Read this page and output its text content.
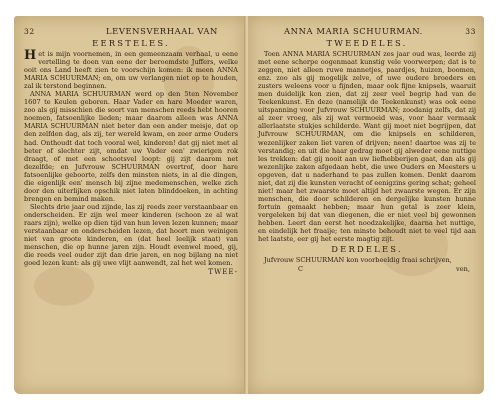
32	LEVENSVERHAAL VAN
EERSTELES.

Het is mijn voornemen, in een gemeenzaam verhaal, u eene vertelling te doen van eene der beroemdste Juffers, welke ooit ons Land heeft zien te voorschijn komen: ik meen ANNA MARIA SCHUURMAN; en, om uw verlangen niet op te houden, zal ik terstond beginnen.

ANNA MARIA SCHUURMAN werd op den 5ten November 1607 te Keulen geboren. Haar Vader en hare Moeder waren, zoo als gij misschien die soort van menschen reeds hebt hooren noemen, fatsoenlijke lieden; maar daarom alleen was ANNA MARIA SCHUURMAN niet beter dan een ander meisje, dat op den zelfden dag, als zij, ter wereld kwam, en zeer arme Ouders had. Onthoudt dat toch vooral wel, kinderen! dat gij niet met al beter of slechter zijt, omdat uw Vader een' zwierigen rok draagt, of met een schootsvel loopt: gij zijt daarom net dezelfde; en Jufvrouw SCHUURMAN overtrof, door hare fatsoenlijke geboorte, zelfs den minsten niets, in al die dingen, die eigenlijk een' mensch bij zijne medemenschen, welke zich door den uiterlijken opschik niet laten blinddoeken, in achting brengen en bemind maken.

Slechts drie jaar oud zijnde, las zij reeds zeer verstaanbaar en onderscheiden. Er zijn wel meer kinderen (schoon ze al wat raars zijn), welke op dien tijd van hun leven lezen kunnen; maar verstaanbaar en onderscheiden lezen, dat hoort men weinigen niet van groote kinderen, en (dat heel leelijk staat) van menschen, die op hunne jaren zijn. Houdt evenwel moed, gij, die reeds veel ouder zijt dan drie jaren, en nog bijlang na niet goed lezen kunt: als gij uwe vlijt aanwendt, zal het wel komen.

TWEE-
ANNA MARIA SCHUURMAN.	33
TWEEDELES.

Toen ANNA MARIA SCHUURMAN zes jaar oud was, leerde zij met eene scherpe oogenmaat kunstig vele voorwerpen; dat is te zeggen, niet alleen ruwe mannetjes, paardjes, huizen, boomen, enz. zoo als gij mogelijk zelve, of uwe oudere broeders en zusters weleens voor u fijnden, maar ook fijne knipsels, waaruit men duidelijk kon zien, dat zij zeer veel begrip had van de Teekenkunst. En deze (namelijk de Teekenkunst) was ook eene uitspanning voor Jufvrouw SCHUURMAN; zoodanig zelfs, dat zij al zeer vroeg, als zij wat vermoeid was, voor haar vermaak allerlaatste stukjes schilderde. Want gij moet niet begrijpen, dat Jufvrouw SCHUURMAN, om die knipsels en schilderen, wezenlijker zaken liet varen of drijven; neen! daartoe was zij te verstandig; en uit die haar gedrag moet gij alweder eene nuttige les trekken: dat gij nooit aan uw liefhebberijen gaat, dan als gij wezenlijke zaken afgedaan hebt, die uwe Ouders en Meesters u opgeven, dat u naderhand te pas zullen komen. Denkt daarom niet, dat zij die kunsten veracht of eenigzins gering schat; geheel niet! maar het zwaarste moet altijd het zwaarste wegen. Er zijn menschen, die door schilderen en dergelijke kunsten hunne fortuin gemaakt hebben; maar hun getal is zeer klein, vergeleken bij dat van diegenen, die er niet veel bij gewonnen hebben. Leert dan eerst het noodzakelijke, daarna het nuttige, en eindelijk het fraaije; ten minste behoudt niet te veel tijd aan het laatste, eer gij het eerste magtig zijt.

DERDELES.

Jufvrouw SCHUURMAN kon voorbeeldig fraai schrijven,

C	ven,
